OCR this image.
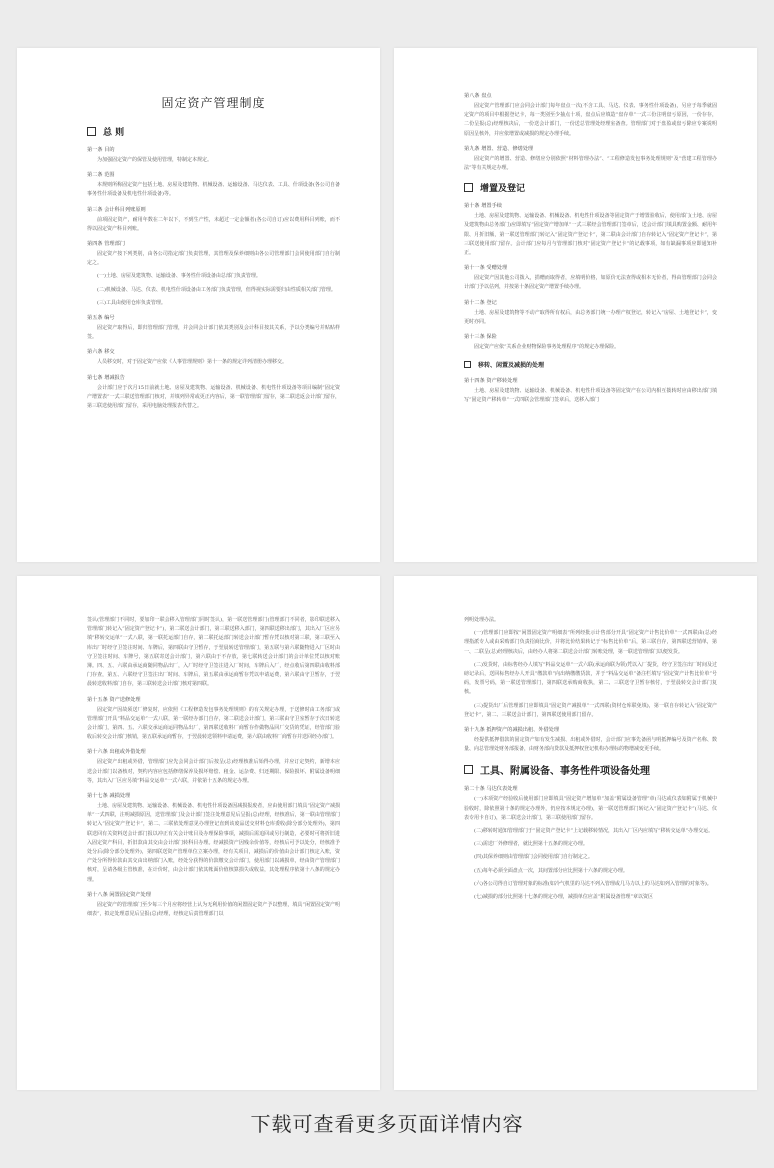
固定资产管理制度
总 则
第一条 目的
为加强固定资产的保管及使用管理，特制定本规定。
第二条 范围
本规则所称固定资产包括土地、房屋及建筑物、机械设备、运输设备、马达仪表、工具、什项设备(各公司自备事务性什项设备及机电性什项设备)等。
第三条 会计科目列账原则
前项固定资产，耐用年数在二年以下，不到生产性，未超过一定金额者(各公司自订)应以费用科目列账，而不得以固定资产科目列账。
第四条 管理部门
固定资产按下列类别，由各公司指定部门负责管理，其管理及保养细则由各公司管理部门会同使用部门自行制定之。
(一)土地、房屋及建筑物、运输设备、事务性什项设备由总部门负责管理。
(二)机械设备、马达、仪表、机电性什项设备由工务部门负责管理，但得视实际需要归由性质相关部门管理。
(三)工具由使用仓库负责管理。
第五条 编号
固定资产取得后，即归管理部门管理，并会同会计部门依其类别及会计科目按其关系，予以分类编号并贴贴样签。
第六条 移交
人员移交时，对于固定资产应依《人事管理规则》第十一条的规定详列清册办理移交。
第七条 增减报告
会计部门应于次月15日前就土地、房屋及建筑物、运输设备、机械设备、机电性什项设备等项目编制“固定资产增置表”一式三联送管理部门核对，并填列异常或更正内容后，第一联管理部门留存，第二联送返会计部门留存，第三联送使用部门留存，采用电脑处理报表代替之。
第八条 盘点
固定资产管理部门应会同会计部门每年盘点一次(不含工具、马达、仪表、事务性什项设备)，另应于每季就固定资产的项目中根据登记卡，每一类别至少抽点十项，盘点后应填造“盘存单”一式三份注明盘亏原因，一份存存，二份呈报(总)经理核决后，一份送会计部门，一份送总管理处经理室备查。管理部门对于盘盈或盘亏除应专案说明原因呈核外，并应依增置或减损的规定办理手续。
第九条 增置、营造、修缮处理
固定资产的增置、营造、修缮应分别依照“材料管理办法”、“工程修造发包事务处理规则”及“营建工程管理办法”等有关规定办理。
增置及登记
第十条 增置手续
土地、房屋及建筑物、运输设备、机械设备、机电性什项设备等固定资产于增置验收后，使用部门(土地、房屋及建筑物由总务部门)应即填写“固定资产增加单”一式三联经会管理部门签章后，送会计部门填具购置金额、耐用年限、月折旧额，第一联送管理部门转记入“固定资产登记卡”，第二联由会计部门自存转记入“固定资产登记卡”，第三联送使用部门留存。会计部门应每月与管理部门核对“固定资产登记卡”的记载事项，如有缺漏事项应即通知补正。
第十一条 受赠处理
固定资产因其他公司拨入，捐赠而取得者，应填明价格，如原价无法查得或相本无价者，得由管理部门会同会计部门予以估列，并按第十条固定资产增置手续办理。
第十二条 登记
土地、房屋及建筑物等不动产取得所有权后，由总务部门统一办理产权登记，转记入“房屋、土地登记卡”，变更时亦同。
第十三条 保险
固定资产应依“关系企业财物保险事务处理程序”的规定办理保险。
移转、闲置及减损的处理
第十四条 资产移转处理
土地、房屋及建筑物、运输设备、机械设备、机电性什项设备等固定资产在公司内相互拨转时应由移出部门填写“固定资产移转单”一式四联会管理部门签章后，送移入部门
签认(管理部门不同时，要加印一联会移入管理部门同时签认)，第一联送管理部门(管理部门不同者，影印联送移入管理部门转记入“固定资产登记卡”)，第二联送会计部门，第三联送移入部门，第四联送移出部门，其出入厂区应另填“移转交运单”一式八联，第一联托运部门自存，第二联托运部门转送会计部门暂存凭以核对第三联，第三联至入库出厂时经守卫签注时间、车牌后，第四联由守卫暂存，于翌晨转送管理部门，第五联与第六联随物进入厂区时由守卫签注时间、车牌号，第五联寄送会计部门，第六联由于不存放，第七联转送会计部门的会计单位凭以核对账簿。四、五、六联由承运商随同物品出厂，入厂时经守卫签注进入厂时间，车牌后入厂，经点收后第四联由收料部门存查，第五、六联经守卫签注出厂时间、车牌后，第五联由承运商暂存凭以申请运费，第六联由守卫暂存，于翌晨转送收料部门自存，第三联转送会计部门核对第四联。
第十五条 资产送修处理
固定资产因故须送厂修复时，应依照《工程修造发包事务处理规则》的有关规定办理，于送修时由工务部门或管理部门开具“料品交运单”一式八联，第一联经办部门自存，第二联送会计部门，第三联由守卫室暂存于次日转送会计部门，第四、五、六联交承运商运同物品出厂，第四联送收料厂商暂存作做物品回厂交货的凭证，经管部门验收后转交会计部门核销，第五联承运商暂存，于翌晨转送领料申请运费，第六联由收料厂商暂存并送回经办部门。
第十六条 出租或外借处理
固定资产出租或外借，管理部门应先会同会计部门后按呈(总)经理核准后始得办理，并应订定契约，新增本应送会计部门以备核对，契约内容应包括修缮保养及损坏赔偿、租金、运杂费、归还期限、保险损坏、附属设备明细等，其出入厂区应另填“料品交运单”一式六联，并依第十五条的规定办理。
第十七条 减损处理
土地、房屋及建筑物、运输设备、机械设备、机电性什项设备因减损报废者，应由使用部门填具“固定资产减损单”一式四联，注明减损原因，送管理部门及会计部门签注处理意见后呈报(总)经理，经核准后，第一联由管理部门转记入“固定资产登记卡”，第二、三联依处理意见办理登记直到该废品送交材料仓库委收(除分部分处理外)，第四联送回有关资料送会计部门报以冲正有关会计账目及办理保险事项，减损后需追回或另行制造，必要时可将折旧进入固定资产科目，折旧款由其交由会计部门转科目办理。经减损资产因残余价值等，经核后可予以处分，经核准予处分后(除分部分处理外)，第四联送资产管理单位立案办理，经有关项目，减损后的价值由会计部门核定入账，资产处分所得价款由其交由出纳部门入账，经处分获得的价款缴交会计部门，使用部门以减损单，经由资产管理部门核对，呈请各级主管核准，在计价时，由会计部门依其帐面价值核算损失或收益，其处理程序依第十八条的规定办理。
第十八条 闲置固定资产处理
固定资产的管理部门至少每三个月应将经营上认为无利用价值的闲置固定资产予以整理，填具“闲置固定资产明细表”，拟定处理意见后呈报(总)经理，经核定后责管理部门以
列明处理办法。
(一)管理部门应即按“闲置固定资产明细表”所列经批示计售部分开具“固定资产计售比价单”一式四联由(总)经理指派专人或由采购部门负责招商比价，并将比价结果转记于“标售比价单”后，第三联自存，第四联送营销单，第一、二联呈(总)经理核决后，由经办人将第二联送会计部门转账处理，第一联送管理部门以便发货。
(二)发货时，由标售经办人填写“料品交运单”一式六联(承运商联为领)凭以入厂提货，经守卫签注出厂时间及过磅记录后，送回标售经办人开具“缴款单”向出纳缴缴货款，并于“料品交运单”备注栏填写“固定资产计售比价单”号码，发票号码，第一联送管理部门，第四联送承购商收执，第二、三联送守卫暂存核付，于翌晨转交会计部门复核。
(三)提货出厂后管理部门应即填具“固定资产减损单”一式四联(资材仓库联免填)，第一联自存转记入“固定资产登记卡”，第二、三联送会计部门，第四联送使用部门留存。
第十九条 抵押资产的减损出租、外借处理
经提供抵押借款的固定资产如有发生减损、出租或外借时，会计部门应事先备函与明抵押编号及资产名称、数量、向总管理处财务部报备，由财务部向贷款及抵押权登记机构办理标的物增减变更手续。
工具、附属设备、事务性件项设备处理
第二十条 马达仪表处理
(一)本项资产经验收后使用部门应即填具“固定资产增加单”加盖“附属设备管理”章(马达或仪表如附属于机械中验收时，除依照第十条的规定办理外，仍应按本规定办理)，第一联送管理部门转记入“固定资产登记卡”(马达、仪表专用卡自订)，第二联送会计部门，第三联使用部门留存。
(二)移转时通知管理部门于“固定资产登记卡”上记载移转情况，其出入厂区内应填写“移转交运单”办理交运。
(三)需送厂外修理者，就比照第十五条的规定办理。
(四)其保养细则由管理部门会同使用部门自行制定之。
(五)每年必须全面盘点一次，其间置部分应比照第十六条的规定办理。
(六)各公司得自订管理对象的标准(如冷气机里的马达不列入管理或几马力以上的马达如列入管理的对象等)。
(七)减损的部分比照第十七条的规定办理，减损单位应盖“附属设备管理”章以资区
下载可查看更多页面详情内容
